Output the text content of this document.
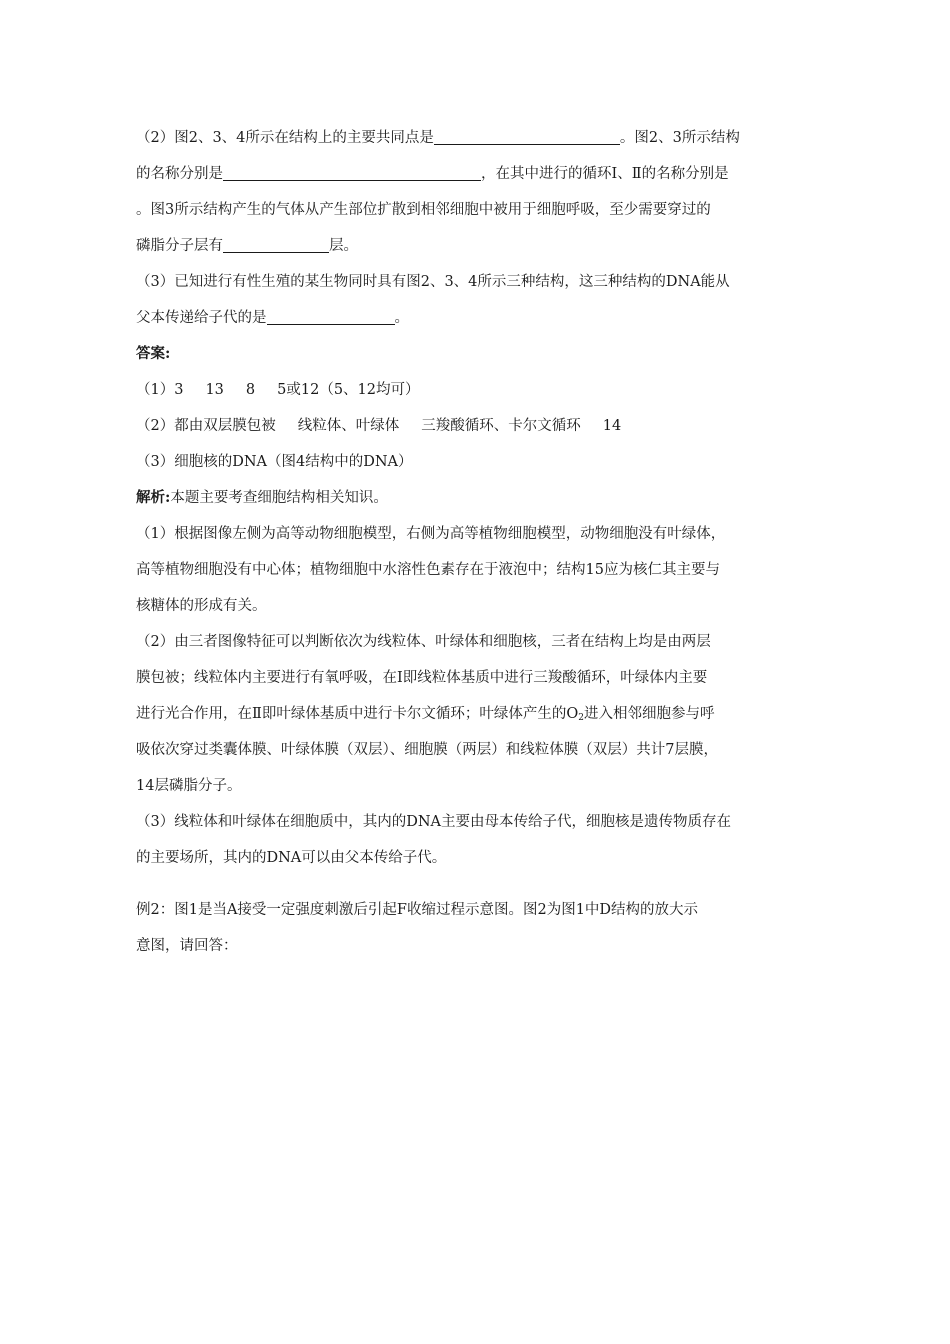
（2）图2、3、4所示在结构上的主要共同点是	。图2、3所示结构
的名称分别是	，在其中进行的循环Ⅰ、Ⅱ的名称分别是
。图3所示结构产生的气体从产生部位扩散到相邻细胞中被用于细胞呼吸，至少需要穿过的
磷脂分子层有	层。
（3）已知进行有性生殖的某生物同时具有图2、3、4所示三种结构，这三种结构的DNA能从
父本传递给子代的是	。
答案:
（1）3 13 8 5或12（5、12均可）
（2）都由双层膜包被 线粒体、叶绿体 三羧酸循环、卡尔文循环 14
（3）细胞核的DNA（图4结构中的DNA）
解析:本题主要考查细胞结构相关知识。
（1）根据图像左侧为高等动物细胞模型，右侧为高等植物细胞模型，动物细胞没有叶绿体，
高等植物细胞没有中心体；植物细胞中水溶性色素存在于液泡中；结构15应为核仁其主要与
核糖体的形成有关。
（2）由三者图像特征可以判断依次为线粒体、叶绿体和细胞核，三者在结构上均是由两层
膜包被；线粒体内主要进行有氧呼吸，在Ⅰ即线粒体基质中进行三羧酸循环，叶绿体内主要
进行光合作用，在Ⅱ即叶绿体基质中进行卡尔文循环；叶绿体产生的$O_2$进入相邻细胞参与呼
吸依次穿过类囊体膜、叶绿体膜（双层）、细胞膜（两层）和线粒体膜（双层）共计7层膜，
14层磷脂分子。
（3）线粒体和叶绿体在细胞质中，其内的DNA主要由母本传给子代，细胞核是遗传物质存在
的主要场所，其内的DNA可以由父本传给子代。
例2：图1是当A接受一定强度刺激后引起F收缩过程示意图。图2为图1中D结构的放大示
意图，请回答：
